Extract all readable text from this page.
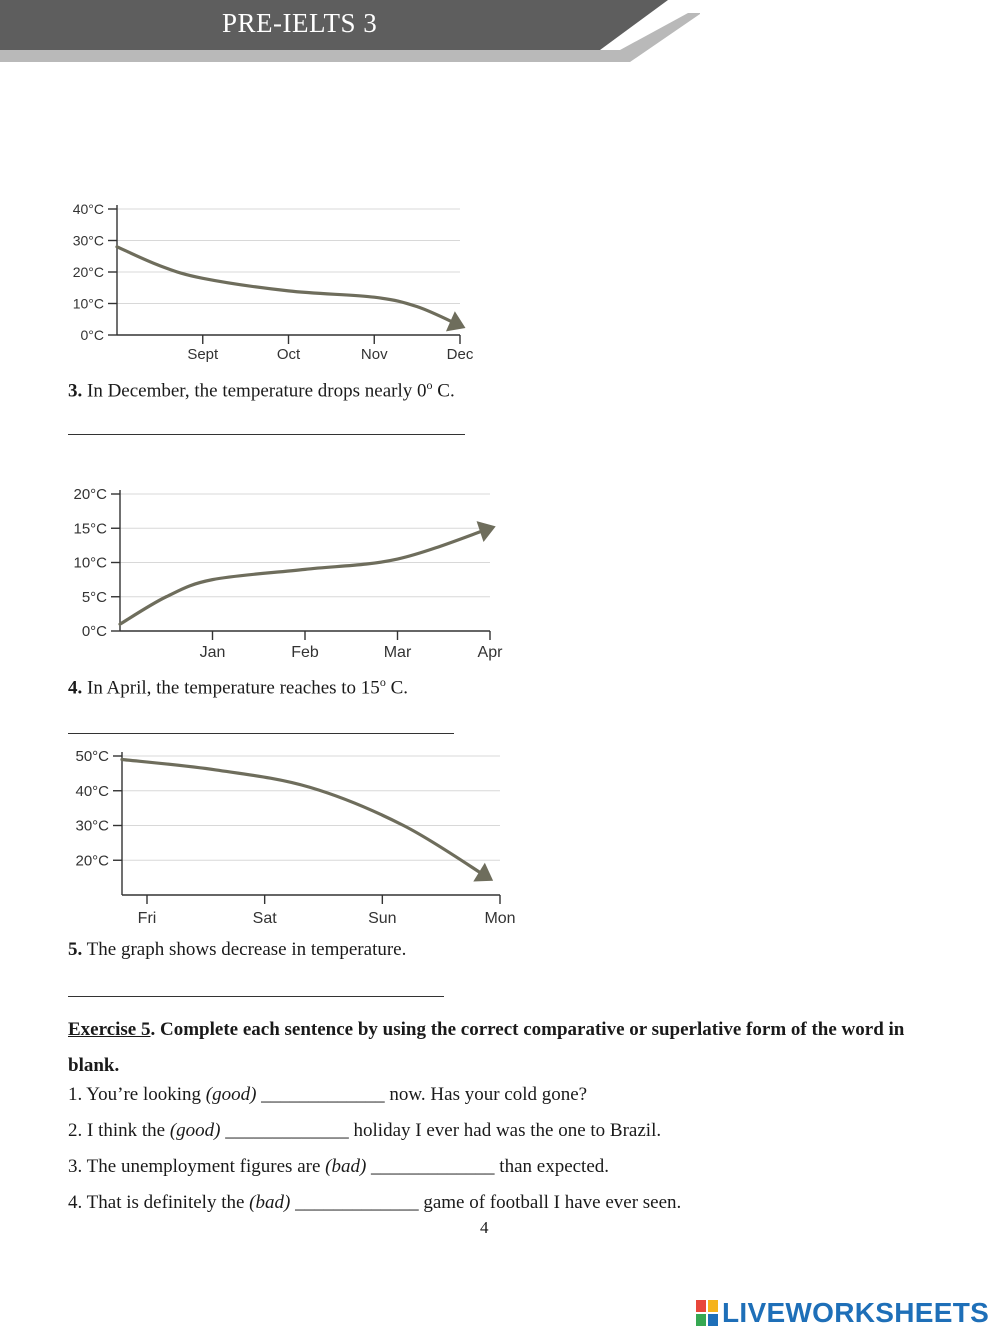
PRE-IELTS 3
40°C
30°C
20°C
10°C
0°C
Sept	Oct	Nov	Dec
3. In December, the temperature drops nearly 0$^o$ C.
20°C
15°C
10°C
5°C
0°C
Jan	Feb	Mar	Apr
4. In April, the temperature reaches to 15$^o$ C.
50°C
40°C
30°C
20°C
Fri	Sat	Sun	Mon
5. The graph shows decrease in temperature.
Exercise 5. Complete each sentence by using the correct comparative or superlative form of the word in blank.
1. You’re looking (good) _____________ now. Has your cold gone?
2. I think the (good) _____________ holiday I ever had was the one to Brazil.
3. The unemployment figures are (bad) _____________ than expected.
4. That is definitely the (bad) _____________ game of football I have ever seen.
4
LIVEWORKSHEETS
